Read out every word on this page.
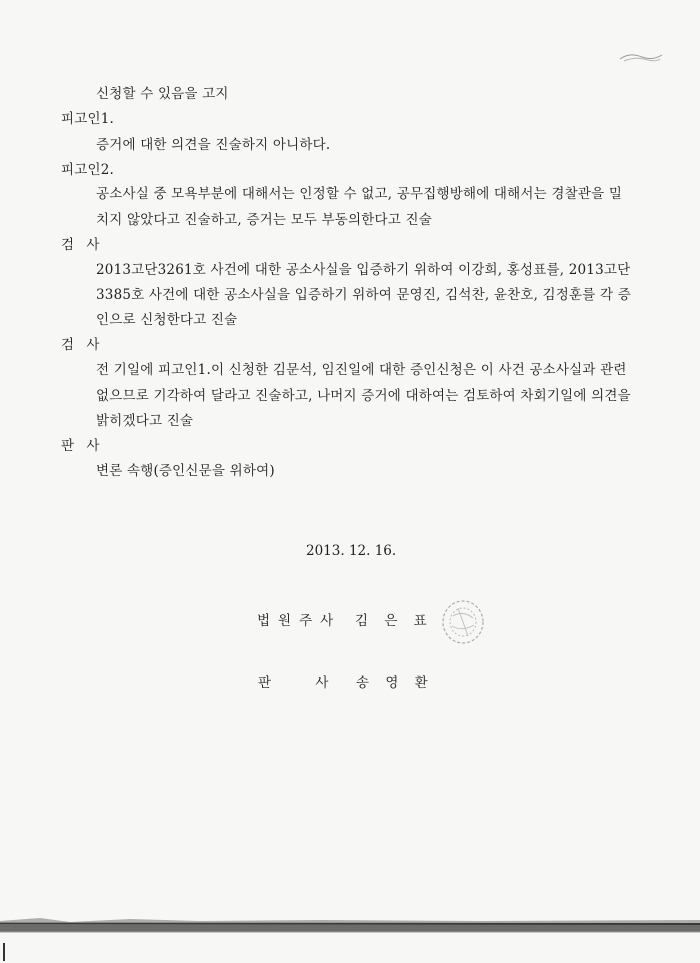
신청할 수 있음을 고지
피고인1.
증거에 대한 의견을 진술하지 아니하다.
피고인2.
공소사실 중 모욕부분에 대해서는 인정할 수 없고, 공무집행방해에 대해서는 경찰관을 밀
치지 않았다고 진술하고, 증거는 모두 부동의한다고 진술
검 사
2013고단3261호 사건에 대한 공소사실을 입증하기 위하여 이강희, 홍성표를, 2013고단
3385호 사건에 대한 공소사실을 입증하기 위하여 문영진, 김석찬, 윤찬호, 김정훈를 각 증
인으로 신청한다고 진술
검 사
전 기일에 피고인1.이 신청한 김문석, 임진일에 대한 증인신청은 이 사건 공소사실과 관련
없으므로 기각하여 달라고 진술하고, 나머지 증거에 대하여는 검토하여 차회기일에 의견을
밝히겠다고 진술
판 사
변론 속행(증인신문을 위하여)
2013. 12. 16.
법원주사 김 은 표
판 사 송 영 환
